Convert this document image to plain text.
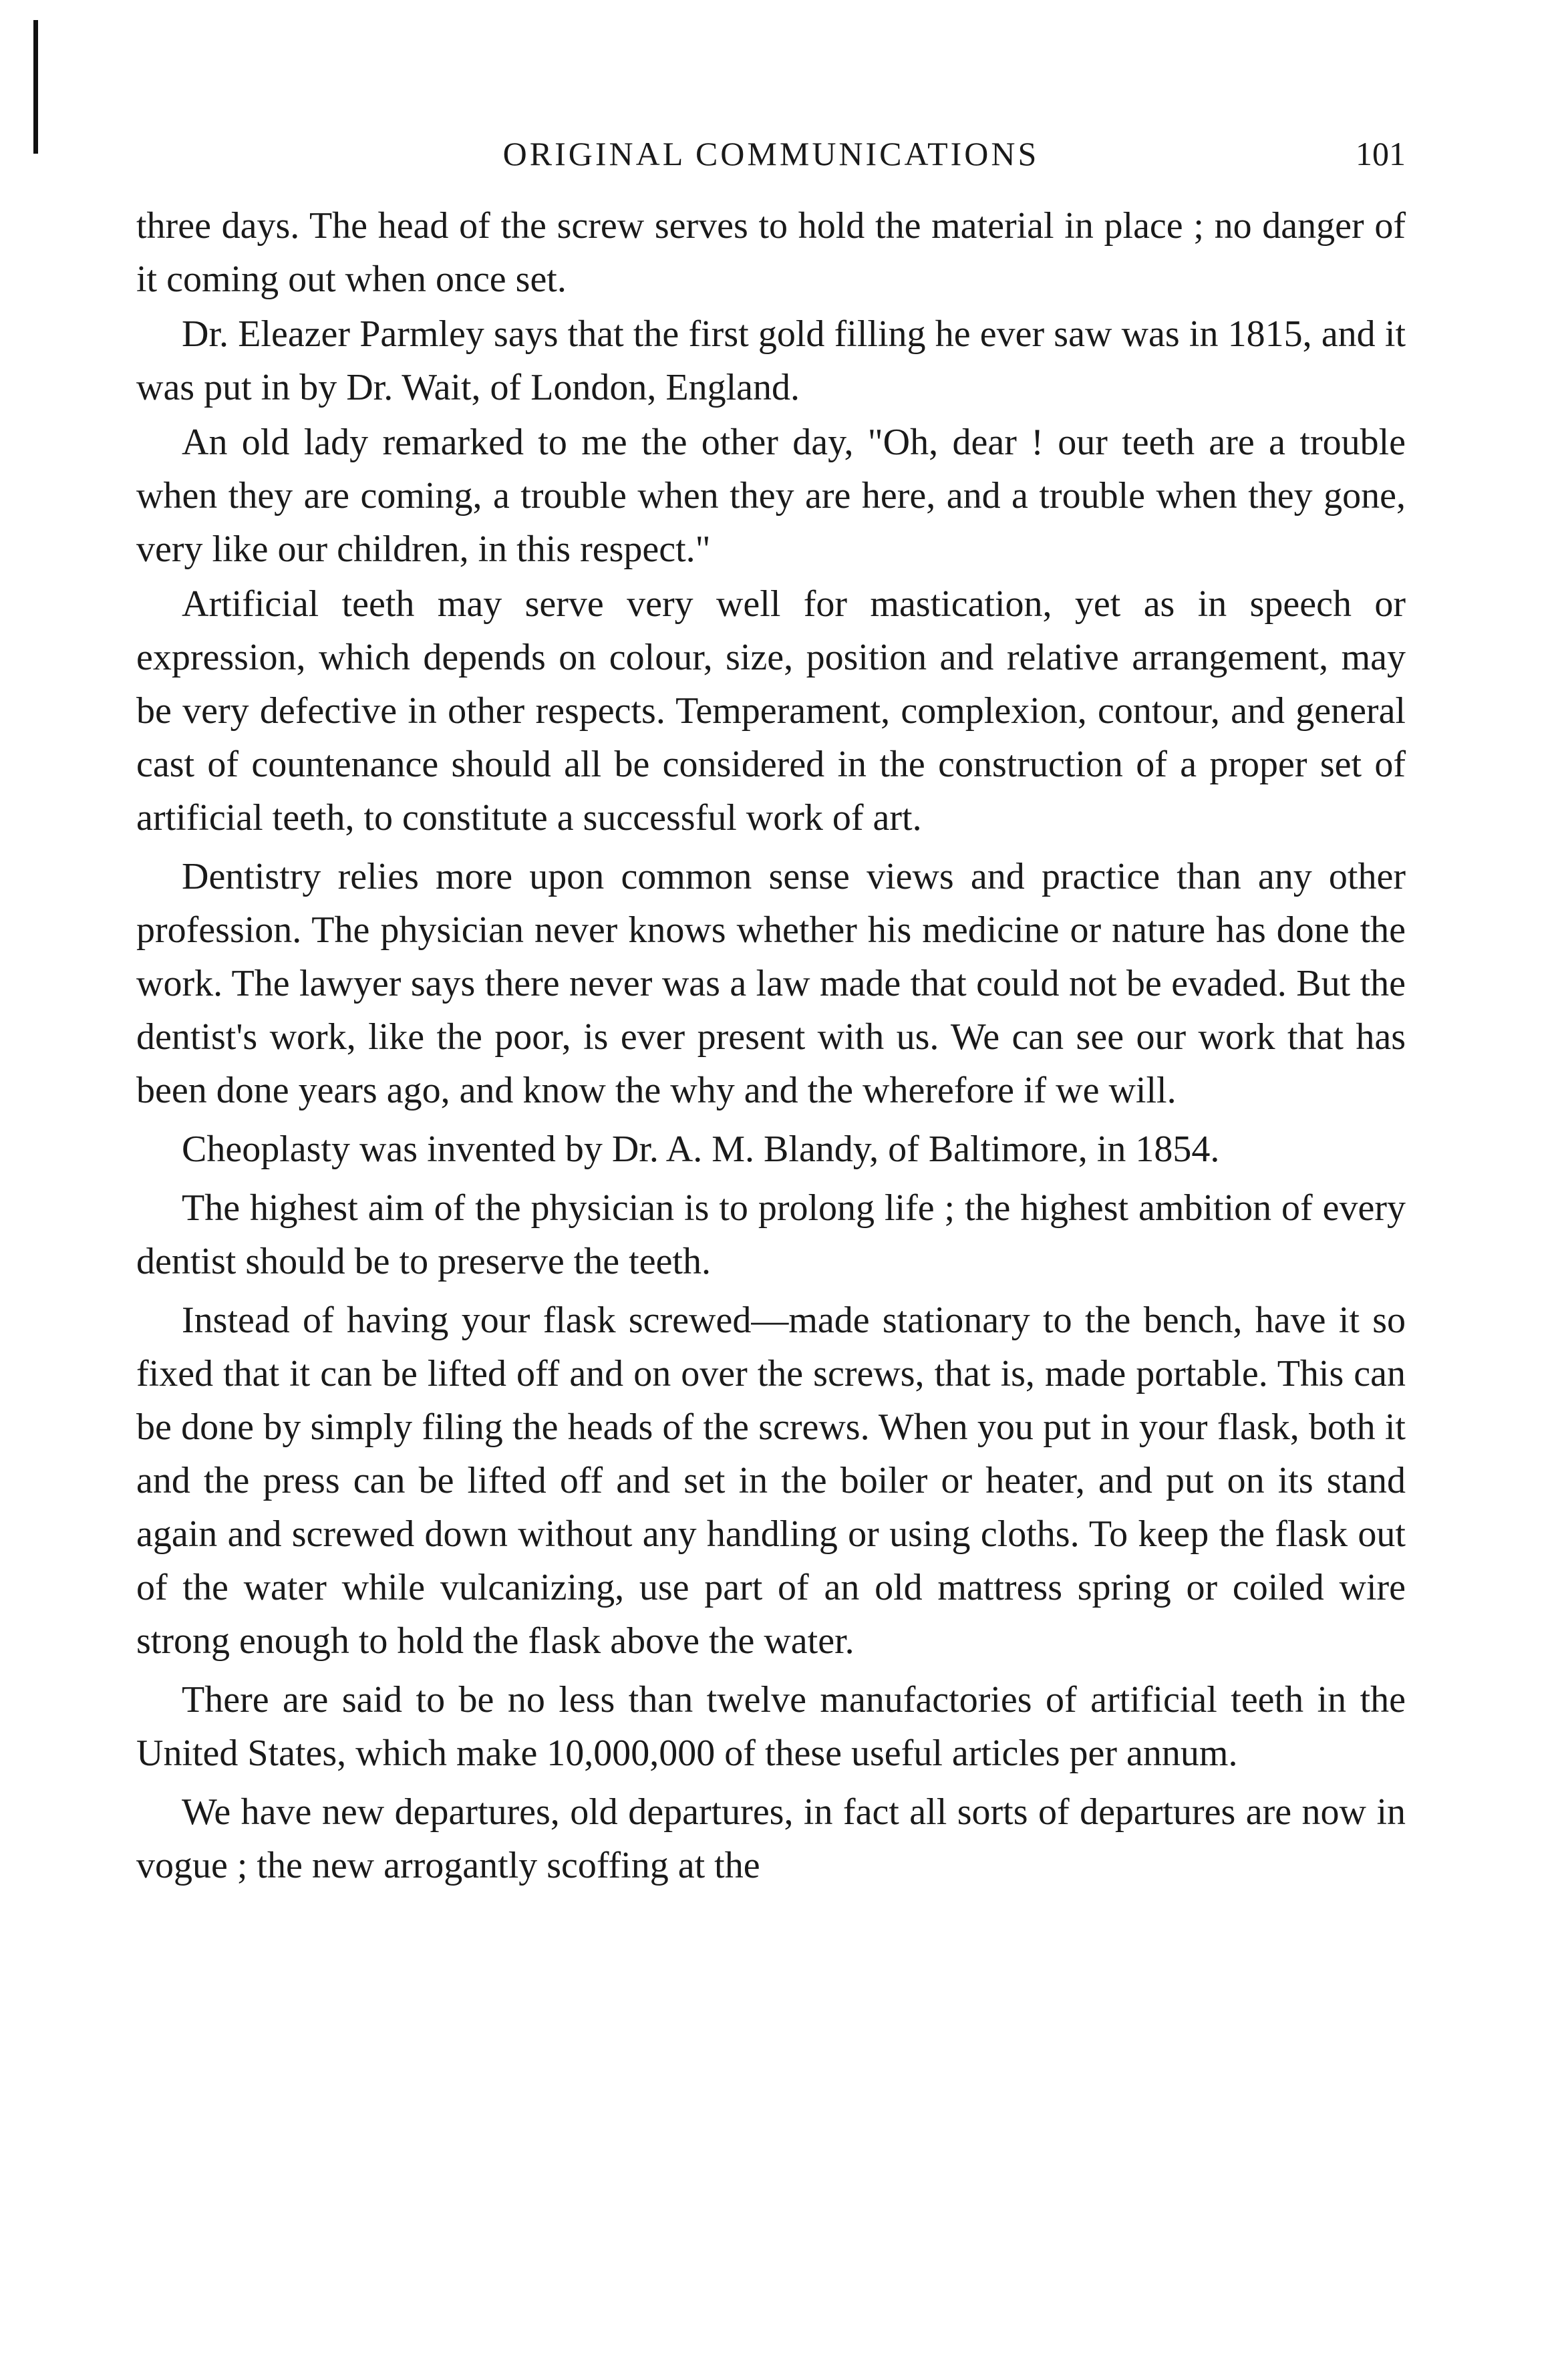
ORIGINAL COMMUNICATIONS	101

three days. The head of the screw serves to hold the material in place ; no danger of it coming out when once set.

Dr. Eleazer Parmley says that the first gold filling he ever saw was in 1815, and it was put in by Dr. Wait, of London, England.

An old lady remarked to me the other day, "Oh, dear ! our teeth are a trouble when they are coming, a trouble when they are here, and a trouble when they gone, very like our children, in this respect."

Artificial teeth may serve very well for mastication, yet as in speech or expression, which depends on colour, size, position and relative arrangement, may be very defective in other respects. Temperament, complexion, contour, and general cast of countenance should all be considered in the construction of a proper set of artificial teeth, to constitute a successful work of art.

Dentistry relies more upon common sense views and practice than any other profession. The physician never knows whether his medicine or nature has done the work. The lawyer says there never was a law made that could not be evaded. But the dentist's work, like the poor, is ever present with us. We can see our work that has been done years ago, and know the why and the wherefore if we will.

Cheoplasty was invented by Dr. A. M. Blandy, of Baltimore, in 1854.

The highest aim of the physician is to prolong life ; the highest ambition of every dentist should be to preserve the teeth.

Instead of having your flask screwed—made stationary to the bench, have it so fixed that it can be lifted off and on over the screws, that is, made portable. This can be done by simply filing the heads of the screws. When you put in your flask, both it and the press can be lifted off and set in the boiler or heater, and put on its stand again and screwed down without any handling or using cloths. To keep the flask out of the water while vulcanizing, use part of an old mattress spring or coiled wire strong enough to hold the flask above the water.

There are said to be no less than twelve manufactories of artificial teeth in the United States, which make 10,000,000 of these useful articles per annum.

We have new departures, old departures, in fact all sorts of departures are now in vogue ; the new arrogantly scoffing at the
